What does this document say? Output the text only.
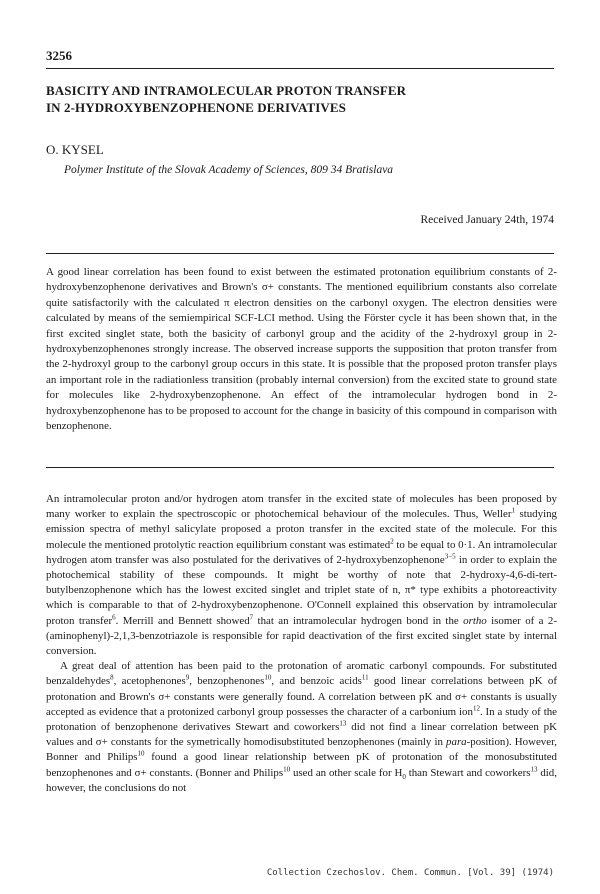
3256
BASICITY AND INTRAMOLECULAR PROTON TRANSFER
IN 2-HYDROXYBENZOPHENONE DERIVATIVES
O. KYSEL
Polymer Institute of the Slovak Academy of Sciences, 809 34 Bratislava
Received January 24th, 1974

A good linear correlation has been found to exist between the estimated protonation equilibrium constants of 2-hydroxybenzophenone derivatives and Brown's σ+ constants. The mentioned equilibrium constants also correlate quite satisfactorily with the calculated π electron densities on the carbonyl oxygen. The electron densities were calculated by means of the semiempirical SCF-LCI method. Using the Förster cycle it has been shown that, in the first excited singlet state, both the basicity of carbonyl group and the acidity of the 2-hydroxyl group in 2-hydroxybenzophenones strongly increase. The observed increase supports the supposition that proton transfer from the 2-hydroxyl group to the carbonyl group occurs in this state. It is possible that the proposed proton transfer plays an important role in the radiationless transition (probably internal conversion) from the excited state to ground state for molecules like 2-hydroxybenzophenone. An effect of the intramolecular hydrogen bond in 2-hydroxybenzophenone has to be proposed to account for the change in basicity of this compound in comparison with benzophenone.

An intramolecular proton and/or hydrogen atom transfer in the excited state of molecules has been proposed by many worker to explain the spectroscopic or photochemical behaviour of the molecules. Thus, Weller$^1$ studying emission spectra of methyl salicylate proposed a proton transfer in the excited state of the molecule. For this molecule the mentioned protolytic reaction equilibrium constant was estimated$^2$ to be equal to 0·1. An intramolecular hydrogen atom transfer was also postulated for the derivatives of 2-hydroxybenzophenone$^{3-5}$ in order to explain the photochemical stability of these compounds. It might be worthy of note that 2-hydroxy-4,6-di-tert-butylbenzophenone which has the lowest excited singlet and triplet state of n, π* type exhibits a photoreactivity which is comparable to that of 2-hydroxybenzophenone. O'Connell explained this observation by intramolecular proton transfer$^6$. Merrill and Bennett showed$^7$ that an intramolecular hydrogen bond in the ortho isomer of a 2-(aminophenyl)-2,1,3-benzotriazole is responsible for rapid deactivation of the first excited singlet state by internal conversion.

A great deal of attention has been paid to the protonation of aromatic carbonyl compounds. For substituted benzaldehydes$^8$, acetophenones$^9$, benzophenones$^{10}$, and benzoic acids$^{11}$ good linear correlations between pK of protonation and Brown's σ+ constants were generally found. A correlation between pK and σ+ constants is usually accepted as evidence that a protonized carbonyl group possesses the character of a carbonium ion$^{12}$. In a study of the protonation of benzophenone derivatives Stewart and coworkers$^{13}$ did not find a linear correlation between pK values and σ+ constants for the symetrically homodisubstituted benzophenones (mainly in para-position). However, Bonner and Philips$^{10}$ found a good linear relationship between pK of protonation of the monosubstituted benzophenones and σ+ constants. (Bonner and Philips$^{10}$ used an other scale for $H_0$ than Stewart and coworkers$^{13}$ did, however, the conclusions do not

Collection Czechoslov. Chem. Commun. [Vol. 39] (1974)
